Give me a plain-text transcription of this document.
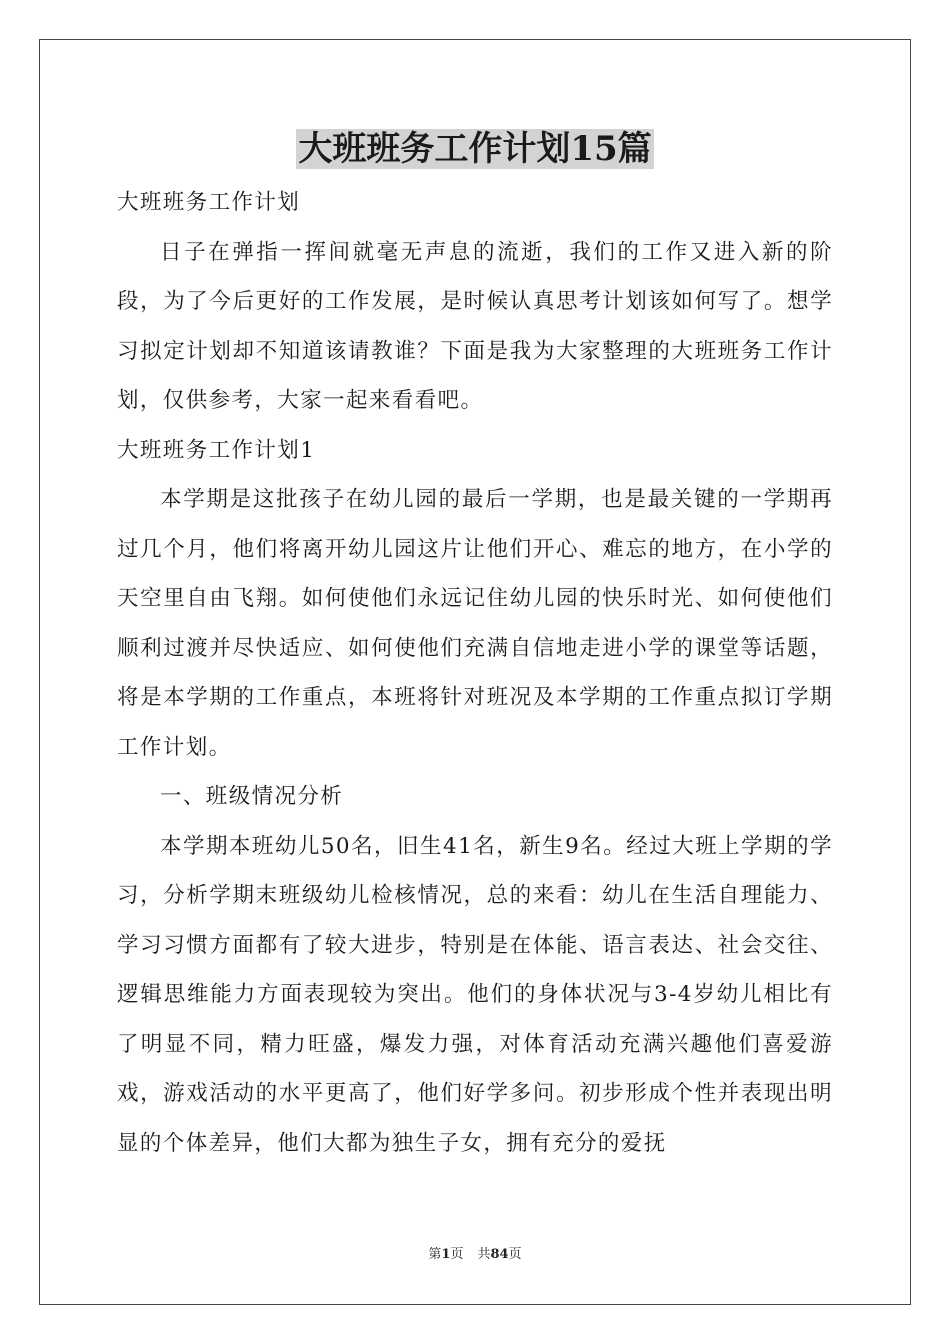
大班班务工作计划15篇

大班班务工作计划

日子在弹指一挥间就毫无声息的流逝，我们的工作又进入新的阶段，为了今后更好的工作发展，是时候认真思考计划该如何写了。想学习拟定计划却不知道该请教谁？下面是我为大家整理的大班班务工作计划，仅供参考，大家一起来看看吧。

大班班务工作计划1

本学期是这批孩子在幼儿园的最后一学期，也是最关键的一学期再过几个月，他们将离开幼儿园这片让他们开心、难忘的地方，在小学的天空里自由飞翔。如何使他们永远记住幼儿园的快乐时光、如何使他们顺利过渡并尽快适应、如何使他们充满自信地走进小学的课堂等话题，将是本学期的工作重点，本班将针对班况及本学期的工作重点拟订学期工作计划。

一、班级情况分析

本学期本班幼儿50名，旧生41名，新生9名。经过大班上学期的学习，分析学期末班级幼儿检核情况，总的来看：幼儿在生活自理能力、学习习惯方面都有了较大进步，特别是在体能、语言表达、社会交往、逻辑思维能力方面表现较为突出。他们的身体状况与3-4岁幼儿相比有了明显不同，精力旺盛，爆发力强，对体育活动充满兴趣他们喜爱游戏，游戏活动的水平更高了，他们好学多问。初步形成个性并表现出明显的个体差异，他们大都为独生子女，拥有充分的爱抚

第1页 共84页
